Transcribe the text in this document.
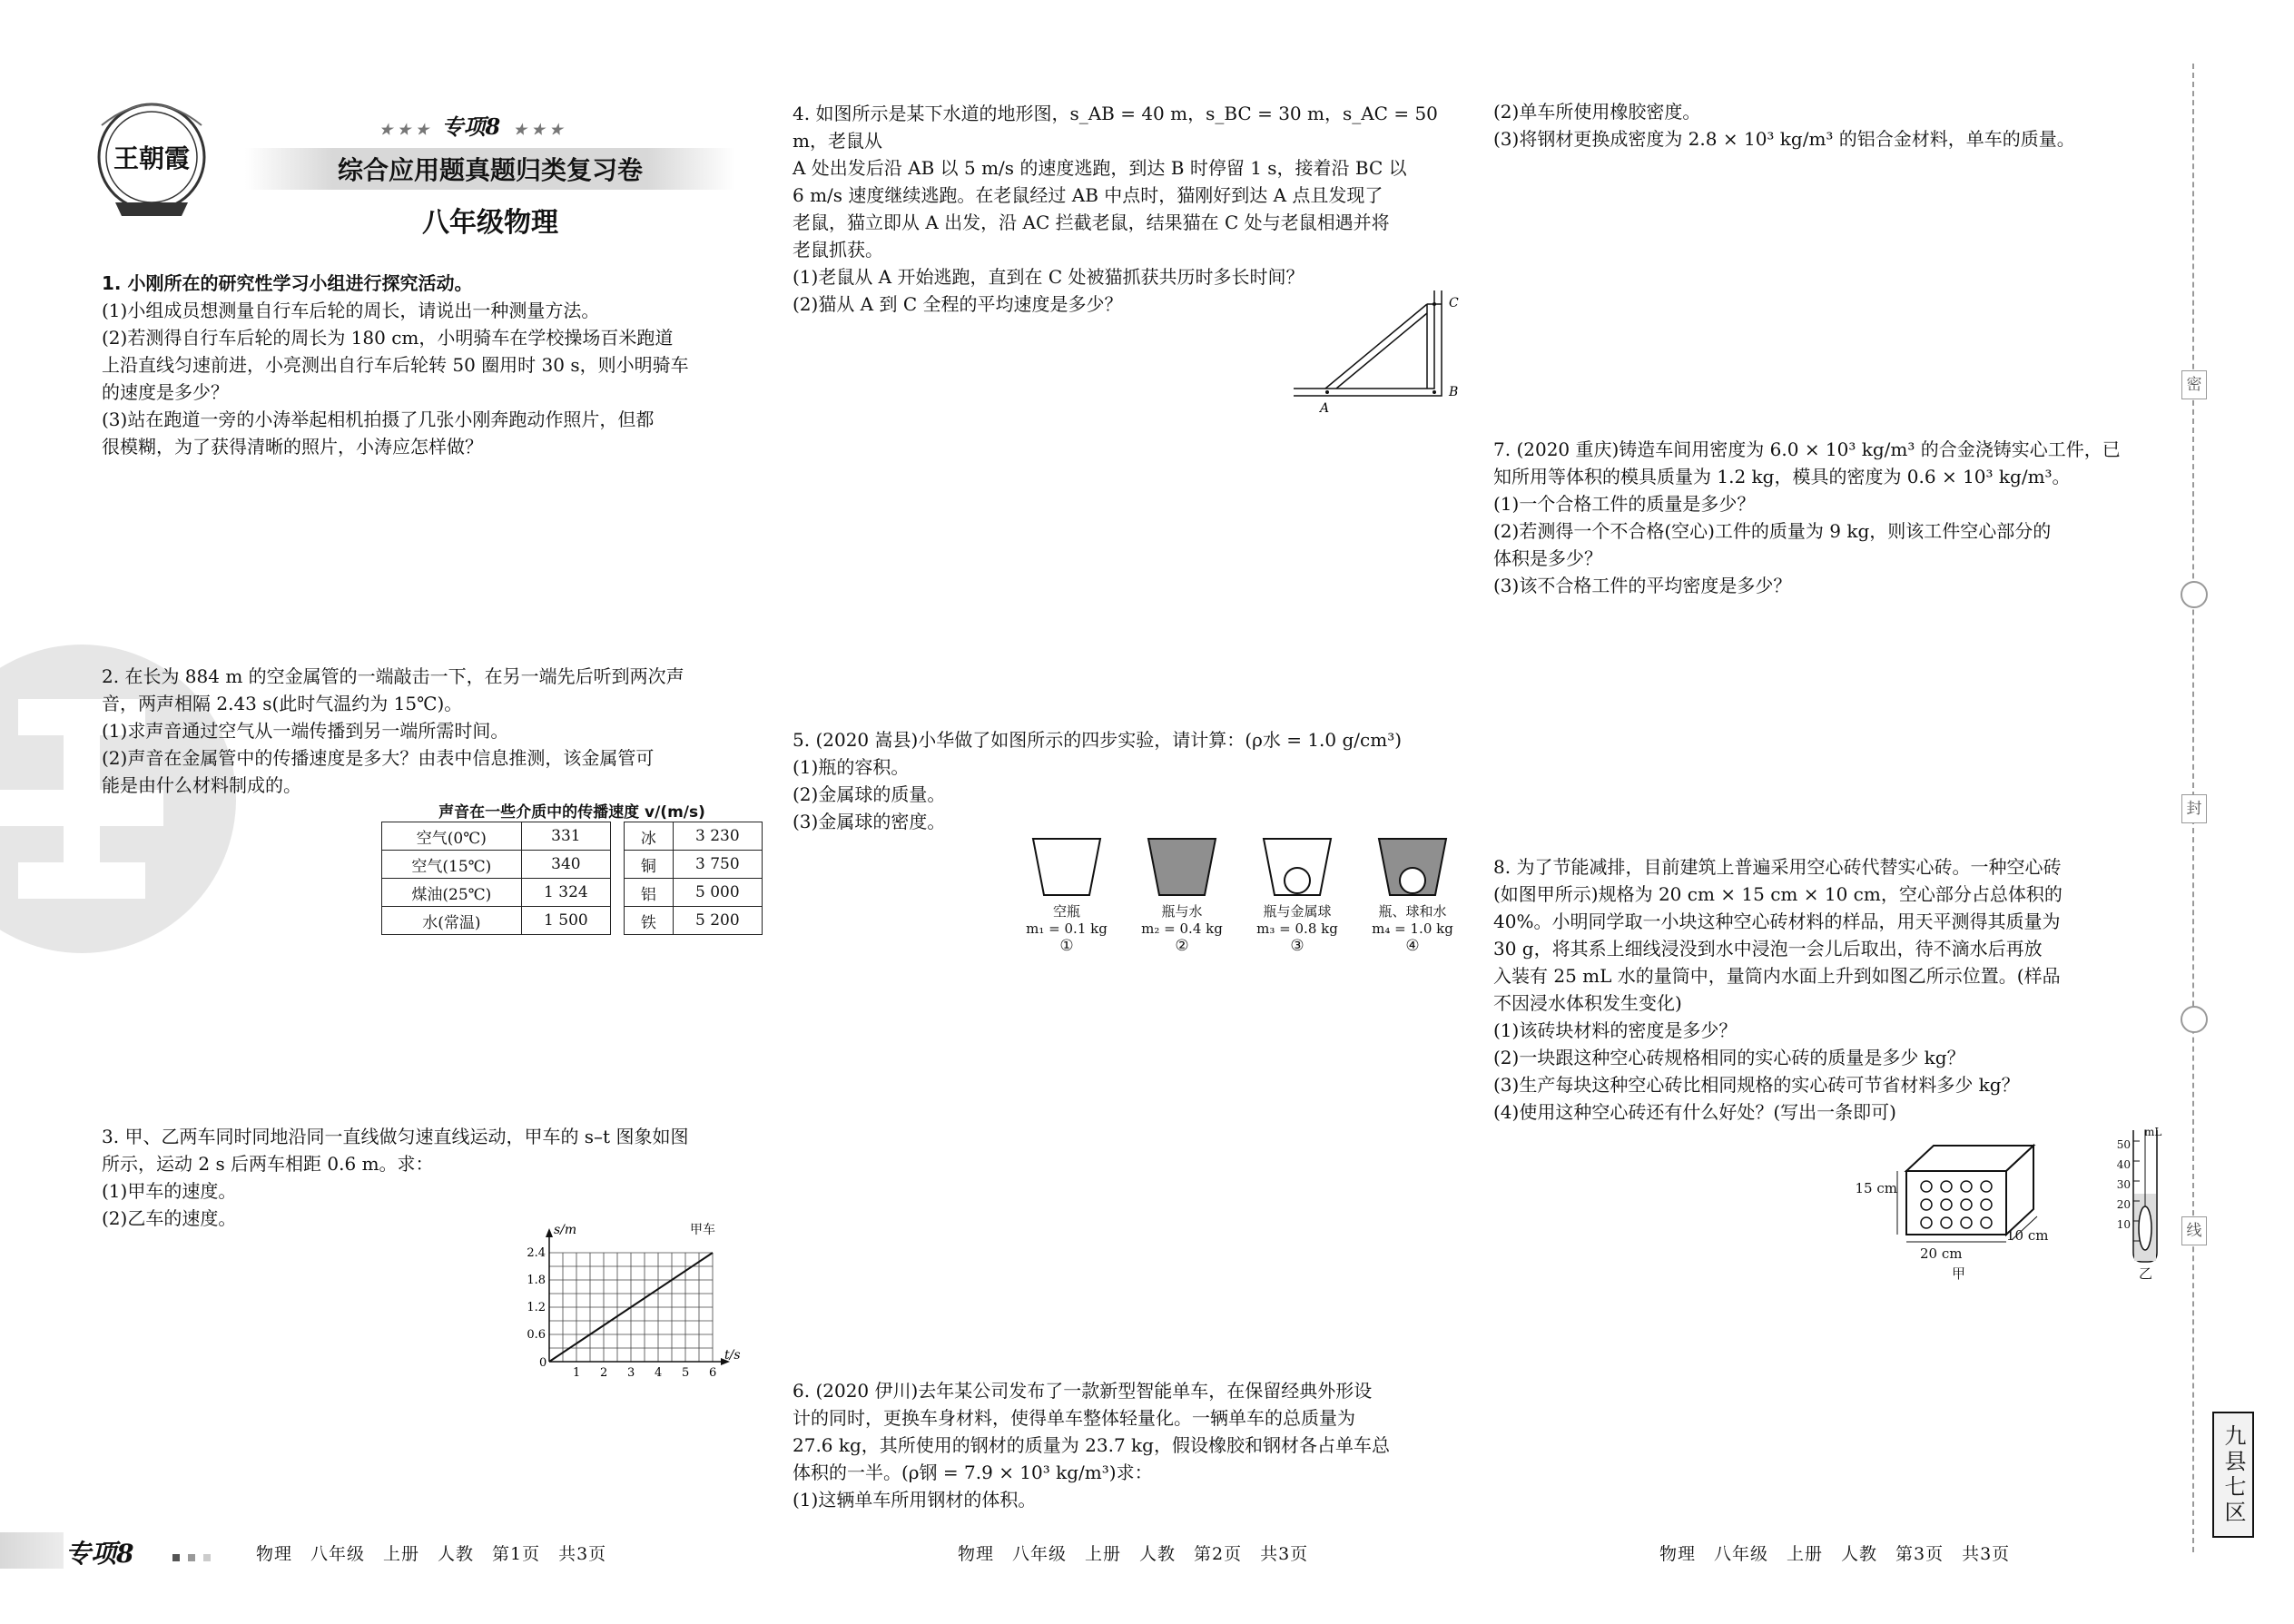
王朝霞
★ ★ ★ 专项8 ★ ★ ★
综合应用题真题归类复习卷
八年级物理

1. 小刚所在的研究性学习小组进行探究活动。

(1)小组成员想测量自行车后轮的周长，请说出一种测量方法。

(2)若测得自行车后轮的周长为 180 cm，小明骑车在学校操场百米跑道

上沿直线匀速前进，小亮测出自行车后轮转 50 圈用时 30 s，则小明骑车

的速度是多少？

(3)站在跑道一旁的小涛举起相机拍摄了几张小刚奔跑动作照片，但都

很模糊，为了获得清晰的照片，小涛应怎样做？

2. 在长为 884 m 的空金属管的一端敲击一下，在另一端先后听到两次声

音，两声相隔 2.43 s(此时气温约为 15℃)。

(1)求声音通过空气从一端传播到另一端所需时间。

(2)声音在金属管中的传播速度是多大？由表中信息推测，该金属管可

能是由什么材料制成的。

声音在一些介质中的传播速度 v/(m/s)
空气(0℃)	331		冰	3 230
空气(15℃)	340		铜	3 750
煤油(25℃)	1 324		铝	5 000
水(常温)	1 500		铁	5 200

3. 甲、乙两车同时同地沿同一直线做匀速直线运动，甲车的 s–t 图象如图

所示，运动 2 s 后两车相距 0.6 m。求：

(1)甲车的速度。

(2)乙车的速度。

s/m
t/s
甲车
0
1 2 3 4 5 6
0.6
1.2
1.8
2.4

4. 如图所示是某下水道的地形图，s_AB = 40 m，s_BC = 30 m，s_AC = 50 m，老鼠从

A 处出发后沿 AB 以 5 m/s 的速度逃跑，到达 B 时停留 1 s，接着沿 BC 以

6 m/s 速度继续逃跑。在老鼠经过 AB 中点时，猫刚好到达 A 点且发现了

老鼠，猫立即从 A 出发，沿 AC 拦截老鼠，结果猫在 C 处与老鼠相遇并将

老鼠抓获。

(1)老鼠从 A 开始逃跑，直到在 C 处被猫抓获共历时多长时间？

(2)猫从 A 到 C 全程的平均速度是多少？

A
B
C

5. (2020 嵩县)小华做了如图所示的四步实验，请计算：(ρ水 = 1.0 g/cm³)

(1)瓶的容积。

(2)金属球的质量。

(3)金属球的密度。

空瓶
m₁ = 0.1 kg
①
瓶与水
m₂ = 0.4 kg
②
瓶与金属球
m₃ = 0.8 kg
③
瓶、球和水
m₄ = 1.0 kg
④

6. (2020 伊川)去年某公司发布了一款新型智能单车，在保留经典外形设

计的同时，更换车身材料，使得单车整体轻量化。一辆单车的总质量为

27.6 kg，其所使用的钢材的质量为 23.7 kg，假设橡胶和钢材各占单车总

体积的一半。(ρ钢 = 7.9 × 10³ kg/m³)求：

(1)这辆单车所用钢材的体积。

(2)单车所使用橡胶密度。

(3)将钢材更换成密度为 2.8 × 10³ kg/m³ 的铝合金材料，单车的质量。

7. (2020 重庆)铸造车间用密度为 6.0 × 10³ kg/m³ 的合金浇铸实心工件，已

知所用等体积的模具质量为 1.2 kg，模具的密度为 0.6 × 10³ kg/m³。

(1)一个合格工件的质量是多少？

(2)若测得一个不合格(空心)工件的质量为 9 kg，则该工件空心部分的

体积是多少？

(3)该不合格工件的平均密度是多少？

8. 为了节能减排，目前建筑上普遍采用空心砖代替实心砖。一种空心砖

(如图甲所示)规格为 20 cm × 15 cm × 10 cm，空心部分占总体积的

40%。小明同学取一小块这种空心砖材料的样品，用天平测得其质量为

30 g，将其系上细线浸没到水中浸泡一会儿后取出，待不滴水后再放

入装有 25 mL 水的量筒中，量筒内水面上升到如图乙所示位置。(样品

不因浸水体积发生变化)

(1)该砖块材料的密度是多少？

(2)一块跟这种空心砖规格相同的实心砖的质量是多少 kg？

(3)生产每块这种空心砖比相同规格的实心砖可节省材料多少 kg？

(4)使用这种空心砖还有什么好处？(写出一条即可)

15 cm
20 cm
10 cm
甲
mL
50
40
30
20
10
乙
密
封
线
九县七区
专项8
	物理　八年级　上册　人教　第1页　共3页	物理　八年级　上册　人教　第2页　共3页	物理　八年级　上册　人教　第3页　共3页
